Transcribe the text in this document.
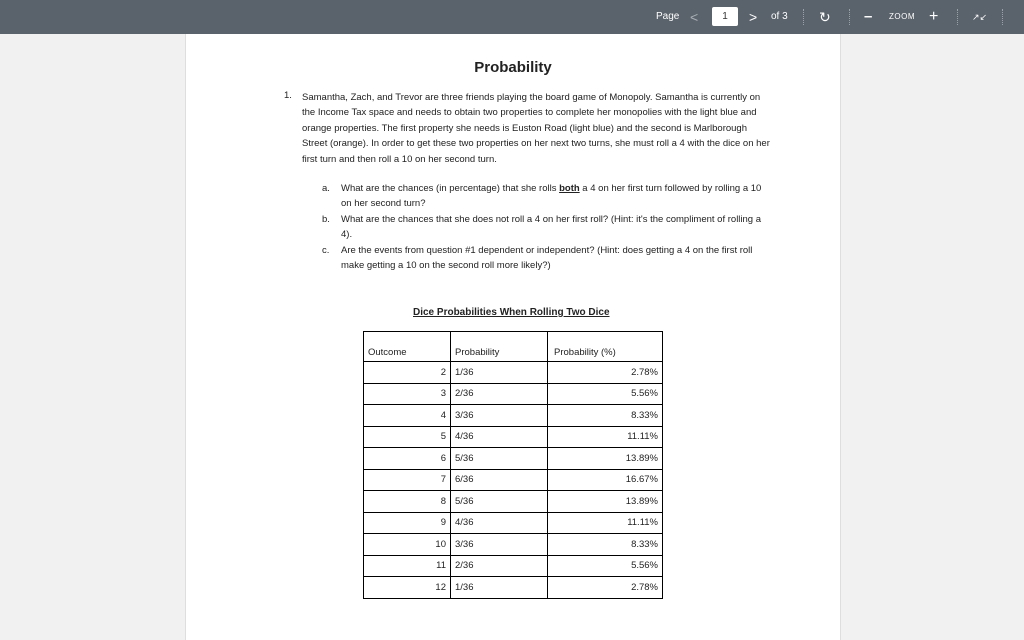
Page <
1	> of 3 ↻ – ZOOM +	↗↙
Probability
1. Samantha, Zach, and Trevor are three friends playing the board game of Monopoly. Samantha is currently on the Income Tax space and needs to obtain two properties to complete her monopolies with the light blue and orange properties. The first property she needs is Euston Road (light blue) and the second is Marlborough Street (orange). In order to get these two properties on her next two turns, she must roll a 4 with the dice on her first turn and then roll a 10 on her second turn.
a. What are the chances (in percentage) that she rolls both a 4 on her first turn followed by rolling a 10 on her second turn?
b. What are the chances that she does not roll a 4 on her first roll? (Hint: it's the compliment of rolling a 4).
c. Are the events from question #1 dependent or independent? (Hint: does getting a 4 on the first roll make getting a 10 on the second roll more likely?)
Dice Probabilities When Rolling Two Dice
Outcome	Probability	Probability (%)
2	1/36	2.78%
3	2/36	5.56%
4	3/36	8.33%
5	4/36	11.11%
6	5/36	13.89%
7	6/36	16.67%
8	5/36	13.89%
9	4/36	11.11%
10	3/36	8.33%
11	2/36	5.56%
12	1/36	2.78%
